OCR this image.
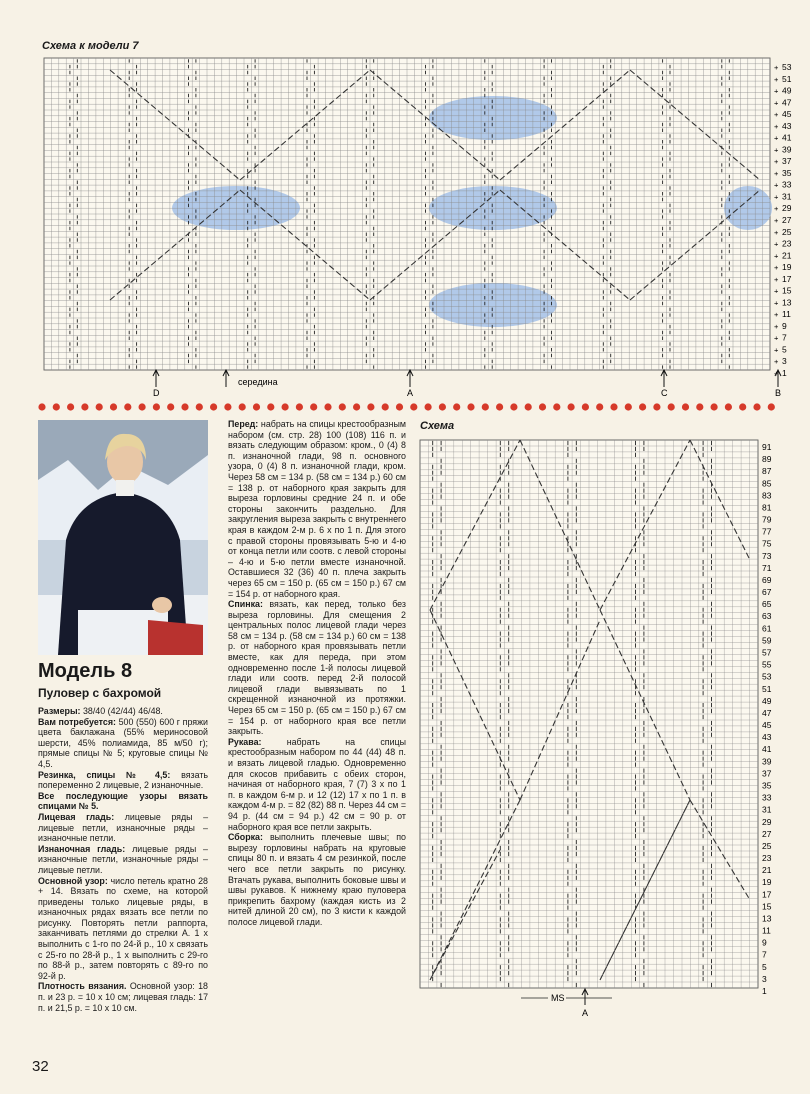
Схема к модели 7
+ 53
+ 51
+ 49
+ 47
+ 45
+ 43
+ 41
+ 39
+ 37
+ 35
+ 33
+ 31
+ 29
+ 27
+ 25
+ 23
+ 21
+ 19
+ 17
+ 15
+ 13
+ 11
+ 9
+ 7
+ 5
+ 3
+ 1
D
середина
A	C	B
Модель 8
Пуловер с бахромой

Размеры: 38/40 (42/44) 46/48.

Вам потребуется: 500 (550) 600 г пряжи цвета баклажана (55% мериносовой шерсти, 45% полиамида, 85 м/50 г); прямые спицы № 5; круговые спицы № 4,5.

Резинка, спицы № 4,5: вязать попеременно 2 лицевые, 2 изнаночные.

Все последующие узоры вязать спицами № 5.

Лицевая гладь: лицевые ряды – лицевые петли, изнаночные ряды – изнаночные петли.

Изнаночная гладь: лицевые ряды – изнаночные петли, изнаночные ряды – лицевые петли.

Основной узор: число петель кратно 28 + 14. Вязать по схеме, на которой приведены только лицевые ряды, в изнаночных рядах вязать все петли по рисунку. Повторять петли раппорта, заканчивать петлями до стрелки A. 1 x выполнить с 1-го по 24-й р., 10 x связать с 25-го по 28-й р., 1 x выполнить с 29-го по 88-й р., затем повторять с 89-го по 92-й р.

Плотность вязания. Основной узор: 18 п. и 23 р. = 10 x 10 см; лицевая гладь: 17 п. и 21,5 р. = 10 x 10 см.

Перед: набрать на спицы крестообразным набором (см. стр. 28) 100 (108) 116 п. и вязать следующим образом: кром., 0 (4) 8 п. изнаночной глади, 98 п. основного узора, 0 (4) 8 п. изнаночной глади, кром. Через 58 см = 134 р. (58 см = 134 р.) 60 см = 138 р. от наборного края закрыть для выреза горловины средние 24 п. и обе стороны закончить раздельно. Для закругления выреза закрыть с внутреннего края в каждом 2-м р. 6 x по 1 п. Для этого с правой стороны провязывать 5-ю и 4-ю от конца петли или соотв. с левой стороны – 4-ю и 5-ю петли вместе изнаночной. Оставшиеся 32 (36) 40 п. плеча закрыть через 65 см = 150 р. (65 см = 150 р.) 67 см = 154 р. от наборного края.

Спинка: вязать, как перед, только без выреза горловины. Для смещения 2 центральных полос лицевой глади через 58 см = 134 р. (58 см = 134 р.) 60 см = 138 р. от наборного края провязывать петли вместе, как для переда, при этом одновременно после 1-й полосы лицевой глади или соотв. перед 2-й полосой лицевой глади вывязывать по 1 скрещенной изнаночной из протяжки. Через 65 см = 150 р. (65 см = 150 р.) 67 см = 154 р. от наборного края все петли закрыть.

Рукава: набрать на спицы крестообразным набором по 44 (44) 48 п. и вязать лицевой гладью. Одновременно для скосов прибавить с обеих сторон, начиная от наборного края, 7 (7) 3 x по 1 п. в каждом 6-м р. и 12 (12) 17 x по 1 п. в каждом 4-м р. = 82 (82) 88 п. Через 44 см = 94 р. (44 см = 94 р.) 42 см = 90 р. от наборного края все петли закрыть.

Сборка: выполнить плечевые швы; по вырезу горловины набрать на круговые спицы 80 п. и вязать 4 см резинкой, после чего все петли закрыть по рисунку. Втачать рукава, выполнить боковые швы и швы рукавов. К нижнему краю пуловера прикрепить бахрому (каждая кисть из 2 нитей длиной 20 см), по 3 кисти к каждой полосе лицевой глади.

Схема
91
89
87
85
83
81
79
77
75
73
71
69
67
65
63
61
59
57
55
53
51
49
47
45
43
41
39
37
35
33
31
29
27
25
23
21
19
17
15
13
11
9
7
5
3
1
MS
A
32
